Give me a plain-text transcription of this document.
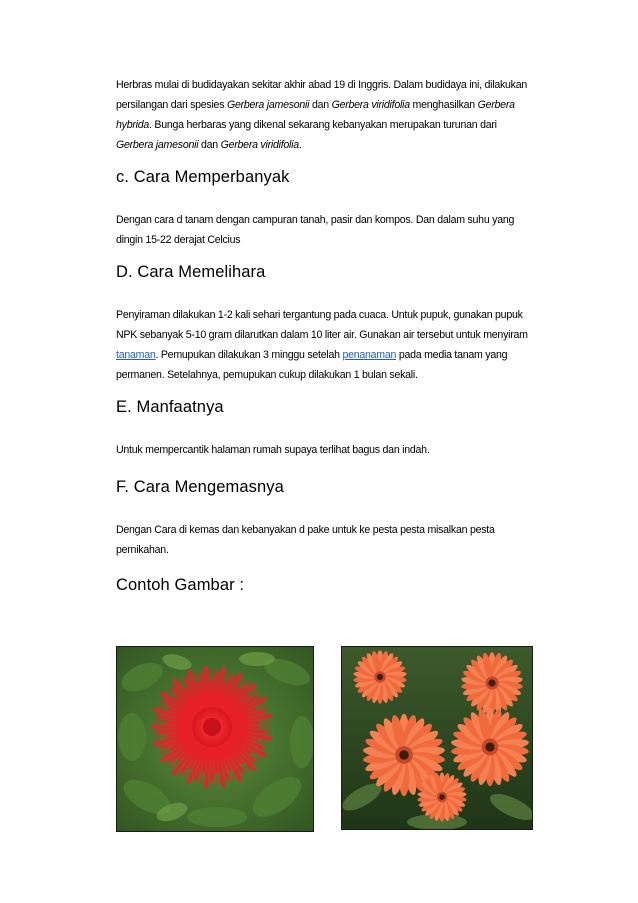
Herbras mulai di budidayakan sekitar akhir abad 19 di Inggris. Dalam budidaya ini, dilakukan
persilangan dari spesies Gerbera jamesonii dan Gerbera viridifolia menghasilkan Gerbera
hybrida. Bunga herbaras yang dikenal sekarang kebanyakan merupakan turunan dari
Gerbera jamesonii dan Gerbera viridifolia.
c. Cara Memperbanyak
Dengan cara d tanam dengan campuran tanah, pasir dan kompos. Dan dalam suhu yang
dingin 15-22 derajat Celcius
D. Cara Memelihara
Penyiraman dilakukan 1-2 kali sehari tergantung pada cuaca. Untuk pupuk, gunakan pupuk
NPK sebanyak 5-10 gram dilarutkan dalam 10 liter air. Gunakan air tersebut untuk menyiram
tanaman. Pemupukan dilakukan 3 minggu setelah penanaman pada media tanam yang
permanen. Setelahnya, pemupukan cukup dilakukan 1 bulan sekali.
E. Manfaatnya
Untuk mempercantik halaman rumah supaya terlihat bagus dan indah.
F. Cara Mengemasnya
Dengan Cara di kemas dan kebanyakan d pake untuk ke pesta pesta misalkan pesta
pernikahan.
Contoh Gambar :
